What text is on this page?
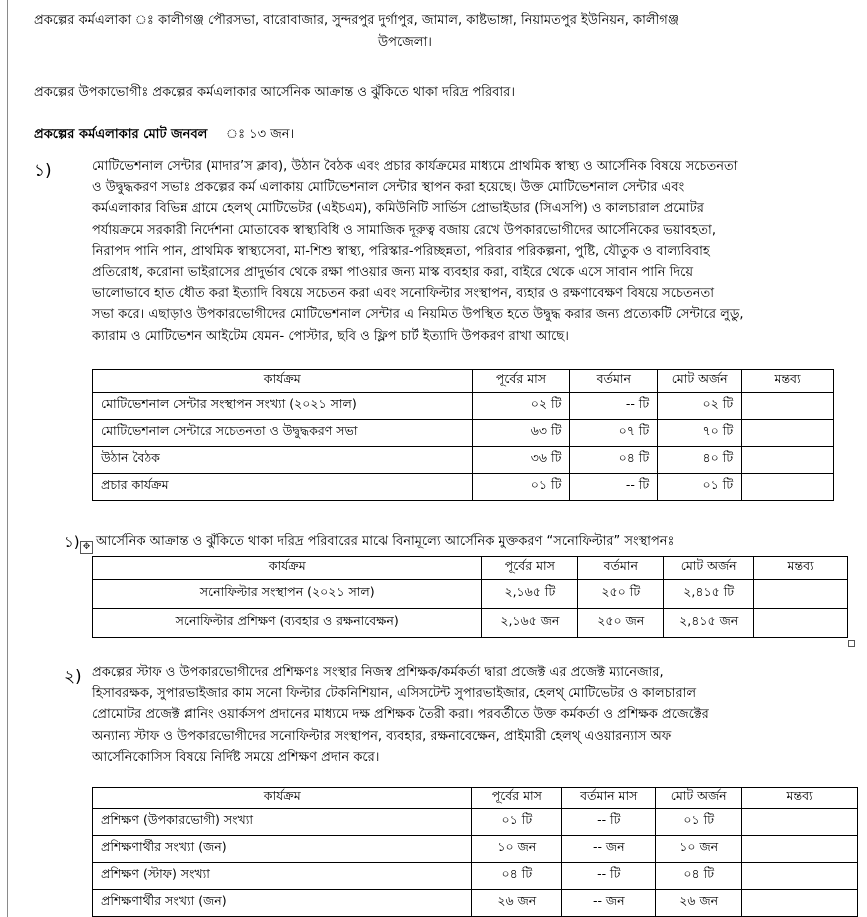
প্রকল্পের কর্মএলাকা ঃ কালীগঞ্জ পৌরসভা, বারোবাজার, সুন্দরপুর দুর্গাপুর, জামাল, কাষ্টভাঙ্গা, নিয়ামতপুর ইউনিয়ন, কালীগঞ্জ
উপজেলা।
প্রকল্পের উপকাভোগীঃ প্রকল্পের কর্মএলাকার আর্সেনিক আক্রান্ত ও ঝুঁকিতে থাকা দরিদ্র পরিবার।
প্রকল্পের কর্মএলাকার মোট জনবল ঃ ১৩ জন।
১)	মোটিভেশনাল সেন্টার (মাদার’স ক্লাব), উঠান বৈঠক এবং প্রচার কার্যক্রমের মাধ্যমে প্রাথমিক স্বাস্থ্য ও আর্সেনিক বিষয়ে সচেতনতা
ও উদ্বুদ্ধকরণ সভাঃ প্রকল্পের কর্ম এলাকায় মোটিভেশনাল সেন্টার স্থাপন করা হয়েছে। উক্ত মোটিভেশনাল সেন্টার এবং
কর্মএলাকার বিভিন্ন গ্রামে হেলথ্ মোটিভেটর (এইচএম), কমিউনিটি সার্ভিস প্রোভাইডার (সিএসপি) ও কালচারাল প্রমোটর
পর্যায়ক্রমে সরকারী নির্দেশনা মোতাবেক স্বাস্থ্যবিধি ও সামাজিক দূরুত্ব বজায় রেখে উপকারভোগীদের আর্সেনিকের ভয়াবহতা,
নিরাপদ পানি পান, প্রাথমিক স্বাস্থ্যসেবা, মা-শিশু স্বাস্থ্য, পরিস্কার-পরিচ্ছন্নতা, পরিবার পরিকল্পনা, পুষ্টি, যৌতুক ও বাল্যবিবাহ
প্রতিরোধ, করোনা ভাইরাসের প্রাদুর্ভাব থেকে রক্ষা পাওয়ার জন্য মাস্ক ব্যবহার করা, বাইরে থেকে এসে সাবান পানি দিয়ে
ভালোভাবে হাত ধৌত করা ইত্যাদি বিষয়ে সচেতন করা এবং সনোফিল্টার সংস্থাপন, ব্যহার ও রক্ষণাবেক্ষণ বিষয়ে সচেতনতা
সভা করে। এছাড়াও উপকারভোগীদের মোটিভেশনাল সেন্টার এ নিয়মিত উপস্থিত হতে উদ্বুদ্ধ করার জন্য প্রত্যেকটি সেন্টারে লুডু,
ক্যারাম ও মোটিভেশন আইটেম যেমন- পোস্টার, ছবি ও ফ্লিপ চার্ট ইত্যাদি উপকরণ রাখা আছে।
কার্যক্রম	পূর্বের মাস	বর্তমান	মোট অর্জন	মন্তব্য
মোটিভেশনাল সেন্টার সংস্থাপন সংখ্যা (২০২১ সাল)	০২ টি	-- টি	০২ টি	
মোটিভেশনাল সেন্টারে সচেতনতা ও উদ্বুদ্ধকরণ সভা	৬৩ টি	০৭ টি	৭০ টি	
উঠান বৈঠক	৩৬ টি	০৪ টি	৪০ টি	
প্রচার কার্যক্রম	০১ টি	-- টি	০১ টি	
১) ✥ আর্সেনিক আক্রান্ত ও ঝুঁকিতে থাকা দরিদ্র পরিবারের মাঝে বিনামূল্যে আর্সেনিক মুক্তকরণ “সনোফিল্টার” সংস্থাপনঃ
কার্যক্রম	পূর্বের মাস	বর্তমান	মোট অর্জন	মন্তব্য
সনোফিল্টার সংস্থাপন (২০২১ সাল)	২,১৬৫ টি	২৫০ টি	২,৪১৫ টি	
সনোফিল্টার প্রশিক্ষণ (ব্যবহার ও রক্ষনাবেক্ষন)	২,১৬৫ জন	২৫০ জন	২,৪১৫ জন	
২) প্রকল্পের স্টাফ ও উপকারভোগীদের প্রশিক্ষণঃ সংস্থার নিজস্ব প্রশিক্ষক/কর্মকর্তা দ্বারা প্রজেক্ট এর প্রজেক্ট ম্যানেজার,
হিসাবরক্ষক, সুপারভাইজার কাম সনো ফিল্টার টেকনিশিয়ান, এসিসটেন্ট সুপারভাইজার, হেলথ্ মোটিভেটর ও কালচারাল
প্রোমোটর প্রজেক্ট প্লানিং ওয়ার্কসপ প্রদানের মাধ্যমে দক্ষ প্রশিক্ষক তৈরী করা। পরবর্তীতে উক্ত কর্মকর্তা ও প্রশিক্ষক প্রজেক্টের
অন্যান্য স্টাফ ও উপকারভোগীদের সনোফিল্টার সংস্থাপন, ব্যবহার, রক্ষনাবেক্ষেন, প্রাইমারী হেলথ্ এওয়ারন্যাস অফ
আর্সেনিকোসিস বিষয়ে নির্দিষ্ট সময়ে প্রশিক্ষণ প্রদান করে।
কার্যক্রম	পূর্বের মাস	বর্তমান মাস	মোট অর্জন	মন্তব্য
প্রশিক্ষণ (উপকারভোগী) সংখ্যা	০১ টি	-- টি	০১ টি	
প্রশিক্ষণার্থীর সংখ্যা (জন)	১০ জন	-- জন	১০ জন	
প্রশিক্ষণ (স্টাফ) সংখ্যা	০৪ টি	-- টি	০৪ টি	
প্রশিক্ষণার্থীর সংখ্যা (জন)	২৬ জন	-- জন	২৬ জন	
